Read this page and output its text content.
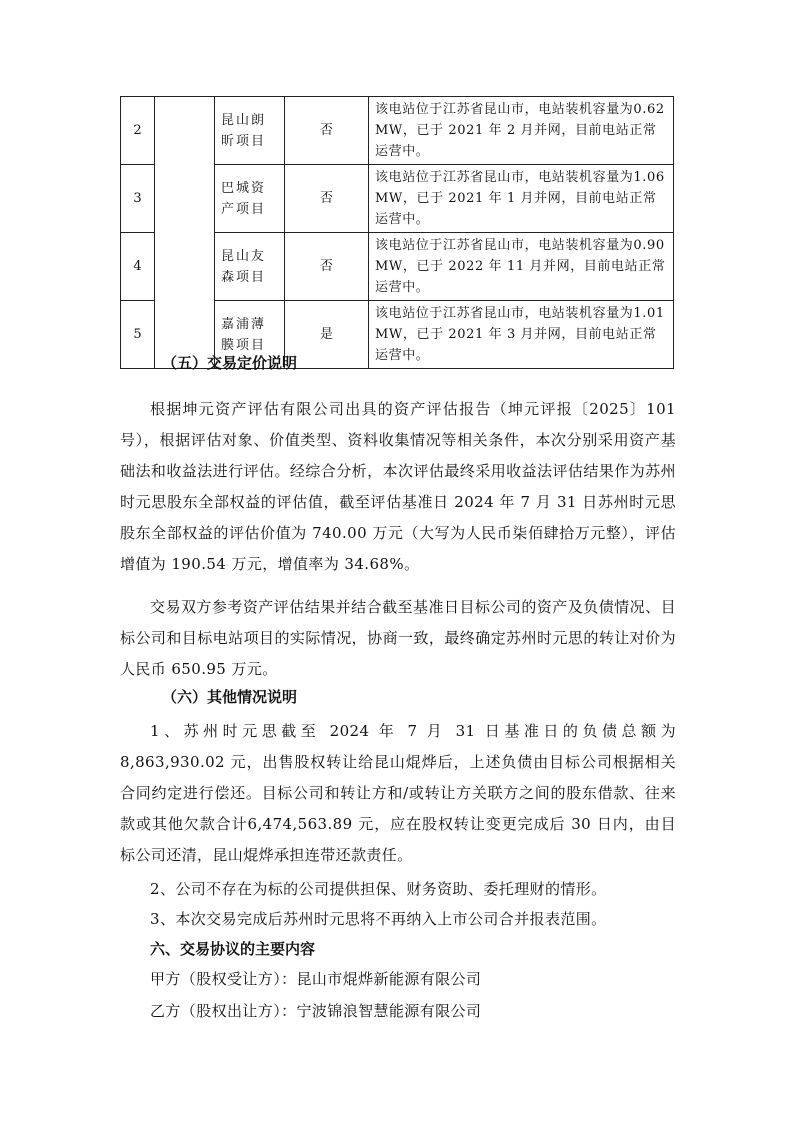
2		昆山朗昕项目	否	该电站位于江苏省昆山市，电站装机容量为0.62 MW，已于 2021 年 2 月并网，目前电站正常运营中。
3		巴城资产项目	否	该电站位于江苏省昆山市，电站装机容量为1.06 MW，已于 2021 年 1 月并网，目前电站正常运营中。
4		昆山友森项目	否	该电站位于江苏省昆山市，电站装机容量为0.90 MW，已于 2022 年 11 月并网，目前电站正常运营中。
5		嘉浦薄膜项目	是	该电站位于江苏省昆山市，电站装机容量为1.01 MW，已于 2021 年 3 月并网，目前电站正常运营中。
（五）交易定价说明
根据坤元资产评估有限公司出具的资产评估报告（坤元评报〔2025〕101 号），根据评估对象、价值类型、资料收集情况等相关条件，本次分别采用资产基础法和收益法进行评估。经综合分析，本次评估最终采用收益法评估结果作为苏州时元思股东全部权益的评估值，截至评估基准日 2024 年 7 月 31 日苏州时元思股东全部权益的评估价值为 740.00 万元（大写为人民币柒佰肆拾万元整），评估增值为 190.54 万元，增值率为 34.68%。
交易双方参考资产评估结果并结合截至基准日目标公司的资产及负债情况、目标公司和目标电站项目的实际情况，协商一致，最终确定苏州时元思的转让对价为人民币 650.95 万元。
（六）其他情况说明
1、苏州时元思截至 2024 年 7 月 31 日基准日的负债总额为 8,863,930.02 元，出售股权转让给昆山焜烨后，上述负债由目标公司根据相关合同约定进行偿还。目标公司和转让方和/或转让方关联方之间的股东借款、往来款或其他欠款合计6,474,563.89 元，应在股权转让变更完成后 30 日内，由目标公司还清，昆山焜烨承担连带还款责任。
2、公司不存在为标的公司提供担保、财务资助、委托理财的情形。
3、本次交易完成后苏州时元思将不再纳入上市公司合并报表范围。
六、交易协议的主要内容
甲方（股权受让方）：昆山市焜烨新能源有限公司
乙方（股权出让方）：宁波锦浪智慧能源有限公司
